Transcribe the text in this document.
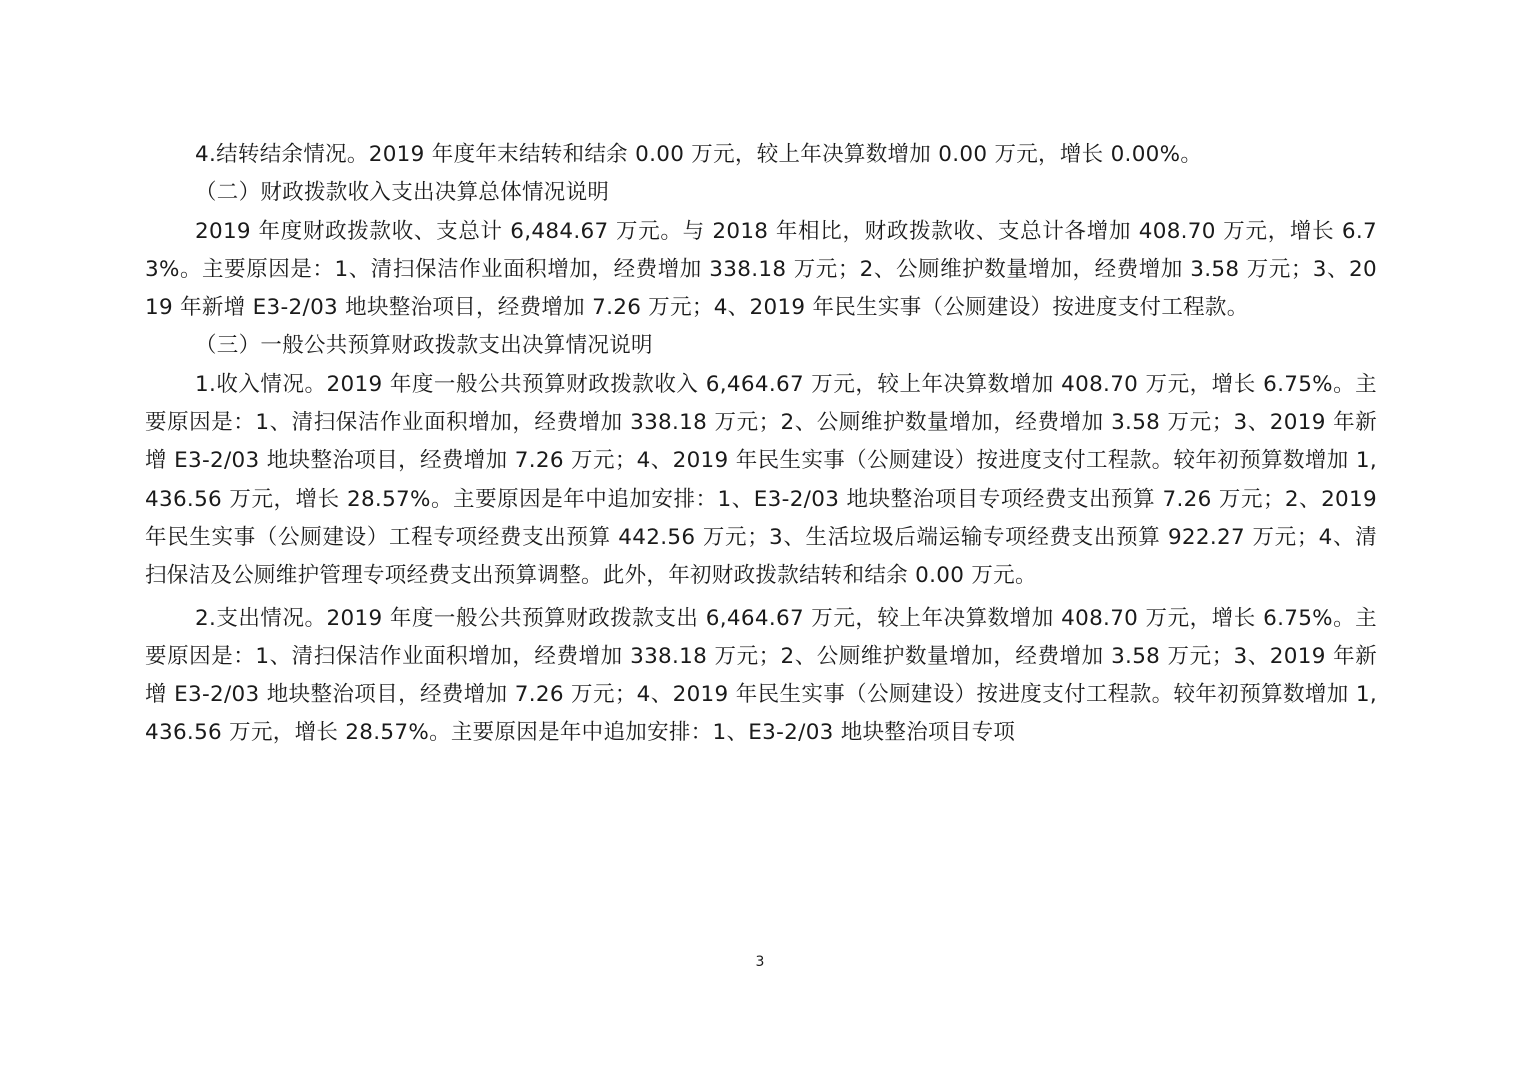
4.结转结余情况。2019 年度年末结转和结余 0.00 万元，较上年决算数增加 0.00 万元，增长 0.00%。

（二）财政拨款收入支出决算总体情况说明

2019 年度财政拨款收、支总计 6,484.67 万元。与 2018 年相比，财政拨款收、支总计各增加 408.70 万元，增长 6.73%。主要原因是：1、清扫保洁作业面积增加，经费增加 338.18 万元；2、公厕维护数量增加，经费增加 3.58 万元；3、2019 年新增 E3-2/03 地块整治项目，经费增加 7.26 万元；4、2019 年民生实事（公厕建设）按进度支付工程款。

（三）一般公共预算财政拨款支出决算情况说明

1.收入情况。2019 年度一般公共预算财政拨款收入 6,464.67 万元，较上年决算数增加 408.70 万元，增长 6.75%。主要原因是：1、清扫保洁作业面积增加，经费增加 338.18 万元；2、公厕维护数量增加，经费增加 3.58 万元；3、2019 年新增 E3-2/03 地块整治项目，经费增加 7.26 万元；4、2019 年民生实事（公厕建设）按进度支付工程款。较年初预算数增加 1,436.56 万元，增长 28.57%。主要原因是年中追加安排：1、E3-2/03 地块整治项目专项经费支出预算 7.26 万元；2、2019 年民生实事（公厕建设）工程专项经费支出预算 442.56 万元；3、生活垃圾后端运输专项经费支出预算 922.27 万元；4、清扫保洁及公厕维护管理专项经费支出预算调整。此外，年初财政拨款结转和结余 0.00 万元。

2.支出情况。2019 年度一般公共预算财政拨款支出 6,464.67 万元，较上年决算数增加 408.70 万元，增长 6.75%。主要原因是：1、清扫保洁作业面积增加，经费增加 338.18 万元；2、公厕维护数量增加，经费增加 3.58 万元；3、2019 年新增 E3-2/03 地块整治项目，经费增加 7.26 万元；4、2019 年民生实事（公厕建设）按进度支付工程款。较年初预算数增加 1,436.56 万元，增长 28.57%。主要原因是年中追加安排：1、E3-2/03 地块整治项目专项

3
